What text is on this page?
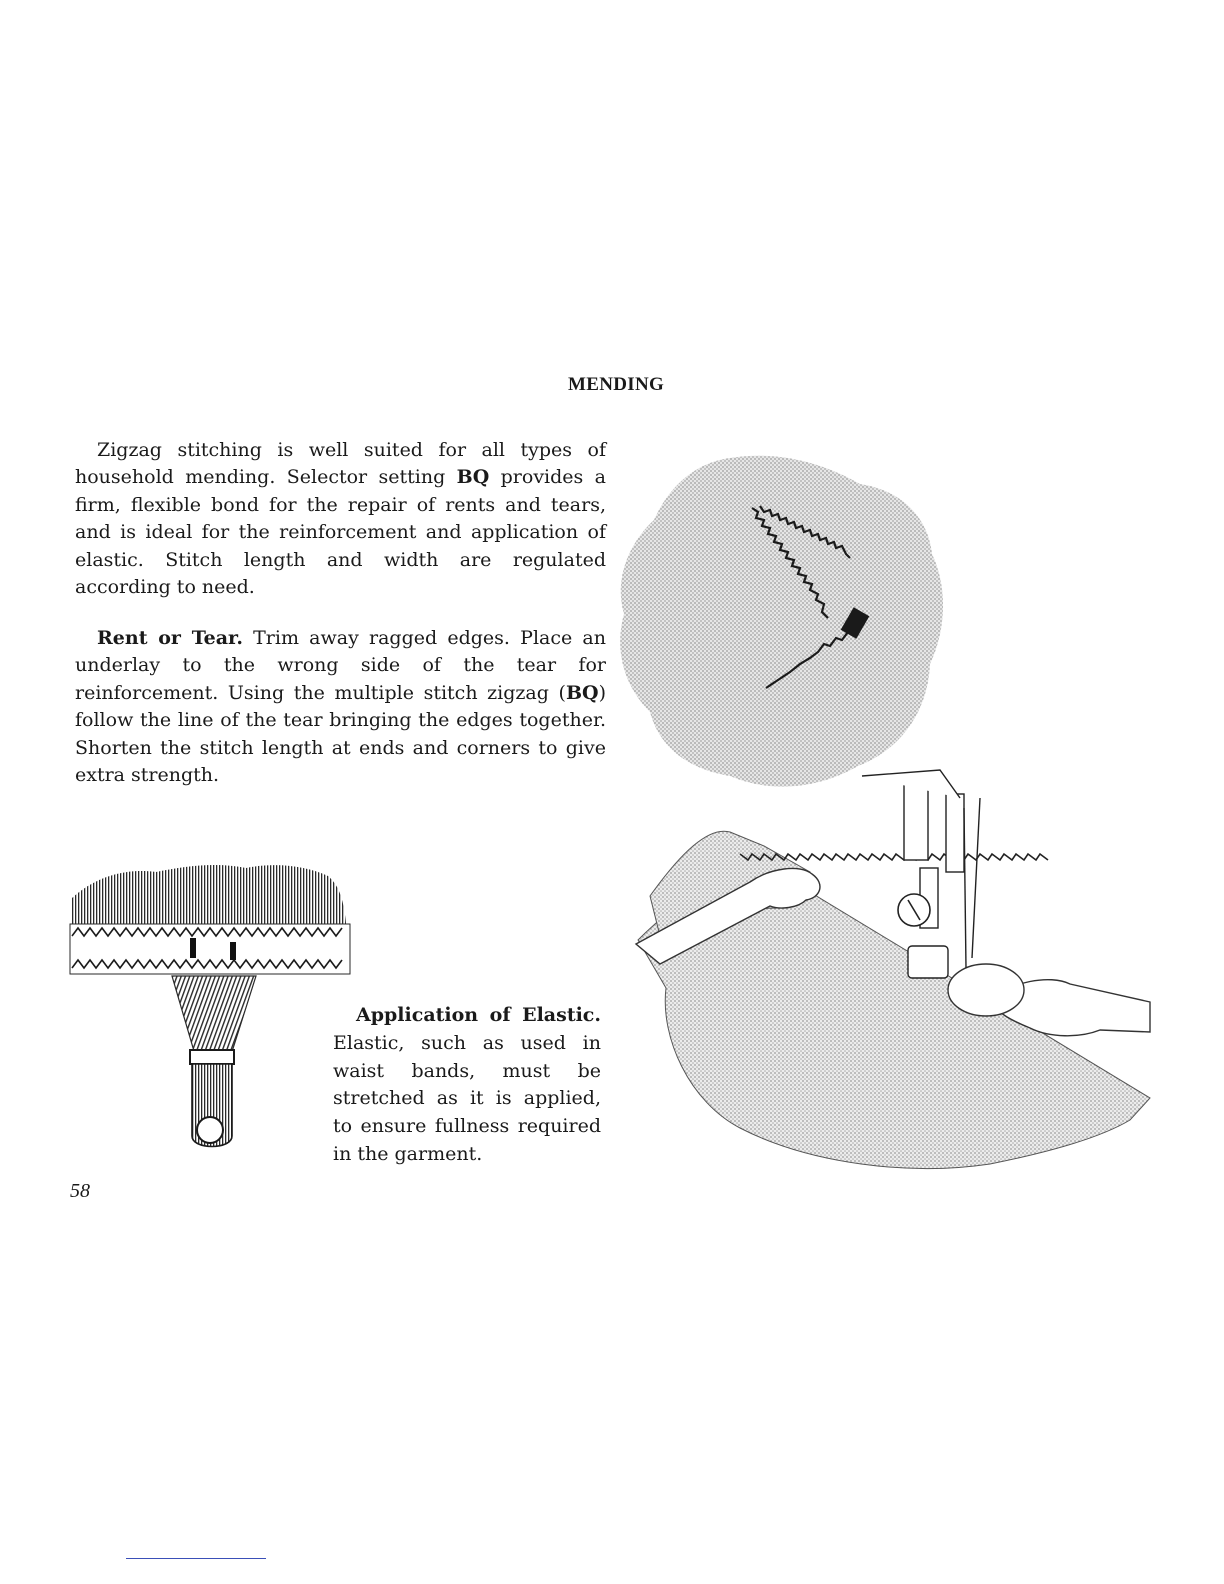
MENDING

Zigzag stitching is well suited for all types of household mending. Selector setting BQ provides a firm, flexible bond for the repair of rents and tears, and is ideal for the reinforcement and application of elastic. Stitch length and width are regulated according to need.

Rent or Tear. Trim away ragged edges. Place an underlay to the wrong side of the tear for reinforcement. Using the multiple stitch zigzag (BQ) follow the line of the tear bringing the edges together. Shorten the stitch length at ends and corners to give extra strength.

Application of Elastic. Elastic, such as used in waist bands, must be stretched as it is applied, to ensure fullness required in the garment.

58
